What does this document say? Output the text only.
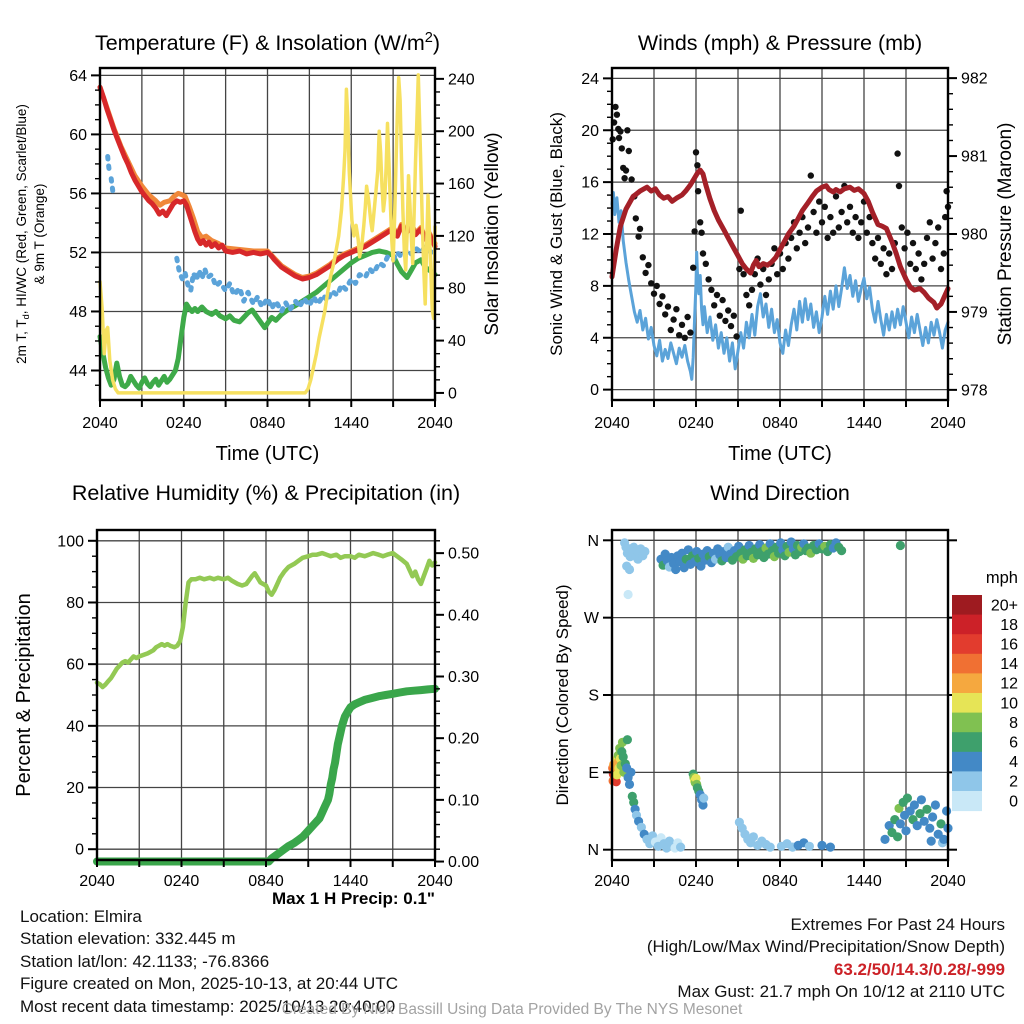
2040	0240	0840	1440	2040
44
48
52
56
60
64
0
40
80
120
160
200
240
Temperature (F) & Insolation $(W/m^2)$
Time (UTC)
2m T, $T_d$, HI/WC (Red, Green, Scarlet/Blue) & 9m T (Orange)	Solar Insolation (Yellow)
2040	0240	0840	1440	2040
0
4
8
12
16
20
24
978
979
980
981
982
Winds (mph) & Pressure (mb)
Time (UTC)
Sonic Wind & Gust (Blue, Black)	Station Pressure (Maroon)
2040	0240	0840	1440	2040
0
20
40
60
80
100
0.00
0.10
0.20
0.30
0.40
0.50
Relative Humidity (%) & Precipitation (in)
Percent & Precipitation
Max 1 H Precip: 0.1"
2040	0240	0840	1440	2040
N
W
S
E
N
Wind Direction
Direction (Colored By Speed)	20+
18
16
14
12
10
8
6
4
2
0
mph
Location: Elmira
Station elevation: 332.445 m
Station lat/lon: 42.1133; -76.8366
Figure created on Mon, 2025-10-13, at 20:44 UTC
Most recent data timestamp: 2025/10/13 20:40:00
Extremes For Past 24 Hours
(High/Low/Max Wind/Precipitation/Snow Depth)
63.2/50/14.3/0.28/-999
Max Gust: 21.7 mph On 10/12 at 2110 UTC
Created By Nick Bassill Using Data Provided By The NYS Mesonet
